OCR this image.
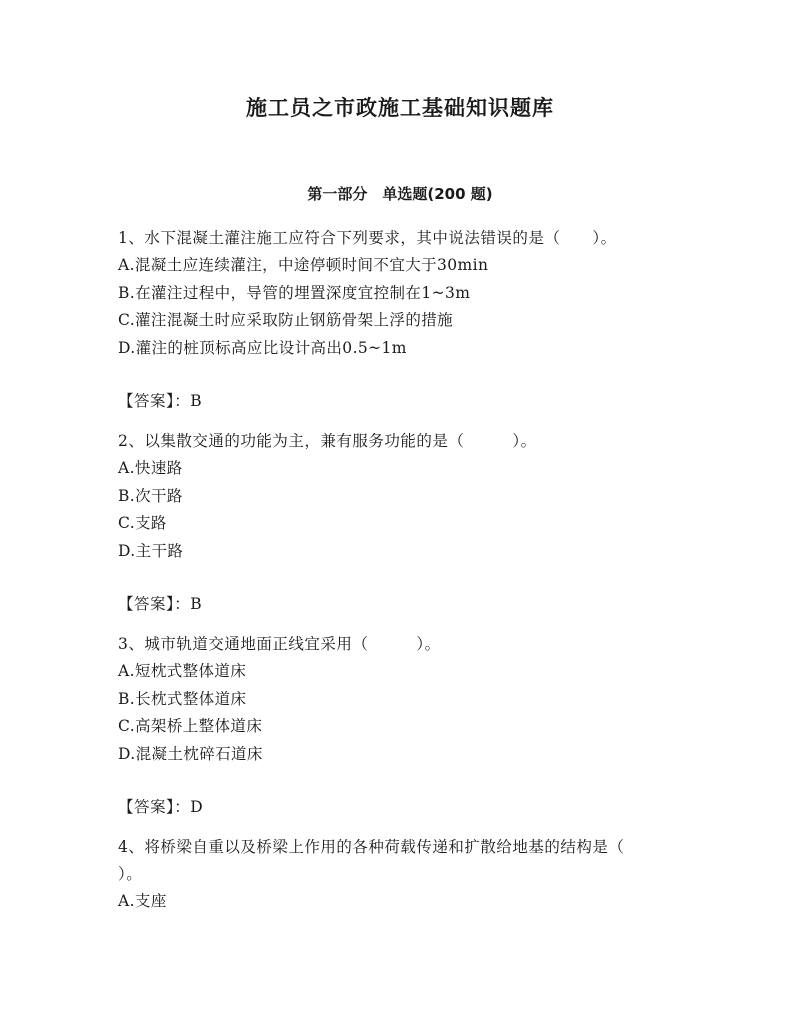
施工员之市政施工基础知识题库
第一部分　单选题(200 题)

1、水下混凝土灌注施工应符合下列要求，其中说法错误的是（　　）。

A.混凝土应连续灌注，中途停顿时间不宜大于30min

B.在灌注过程中，导管的埋置深度宜控制在1~3m

C.灌注混凝土时应采取防止钢筋骨架上浮的措施

D.灌注的桩顶标高应比设计高出0.5~1m

【答案】：B

2、以集散交通的功能为主，兼有服务功能的是（　　　）。

A.快速路

B.次干路

C.支路

D.主干路

【答案】：B

3、城市轨道交通地面正线宜采用（　　　）。

A.短枕式整体道床

B.长枕式整体道床

C.高架桥上整体道床

D.混凝土枕碎石道床

【答案】：D

4、将桥梁自重以及桥梁上作用的各种荷载传递和扩散给地基的结构是（　　　）。

A.支座
